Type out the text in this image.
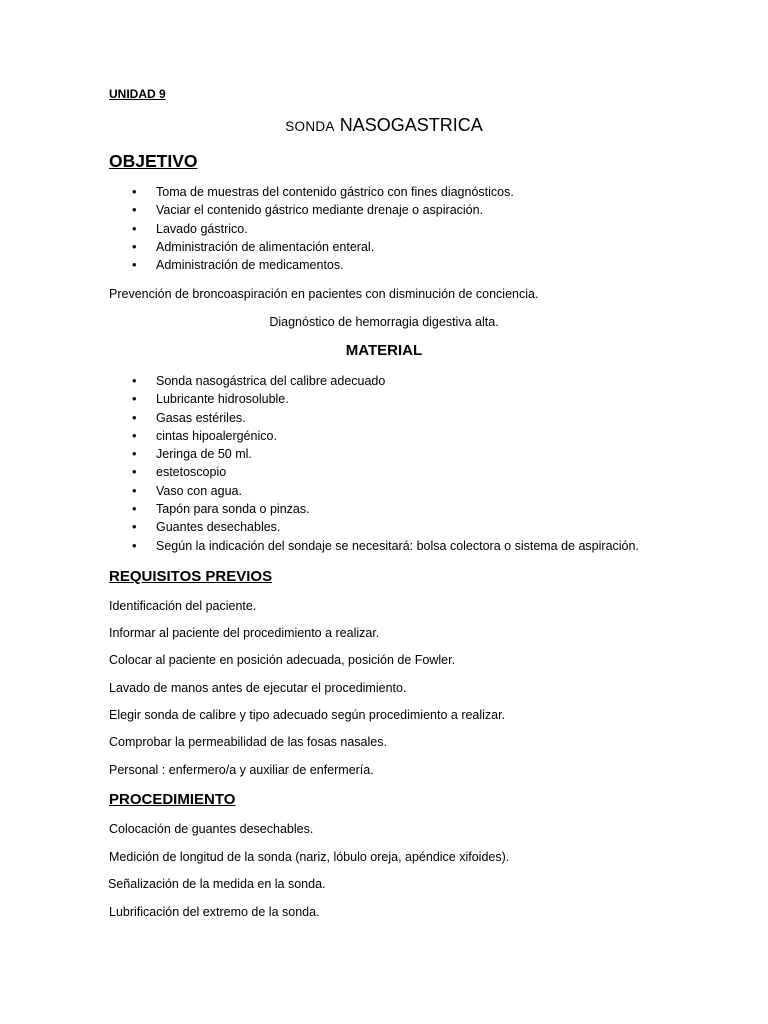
UNIDAD 9
SONDA NASOGASTRICA
OBJETIVO
• Toma de muestras del contenido gástrico con fines diagnósticos.
• Vaciar el contenido gástrico mediante drenaje o aspiración.
• Lavado gástrico.
• Administración de alimentación enteral.
• Administración de medicamentos.
Prevención de broncoaspiración en pacientes con disminución de conciencia.
Diagnóstico de hemorragia digestiva alta.
MATERIAL
• Sonda nasogástrica del calibre adecuado
• Lubricante hidrosoluble.
• Gasas estériles.
• cintas hipoalergénico.
• Jeringa de 50 ml.
• estetoscopio
• Vaso con agua.
• Tapón para sonda o pinzas.
• Guantes desechables.
• Según la indicación del sondaje se necesitará: bolsa colectora o sistema de aspiración.
REQUISITOS PREVIOS
Identificación del paciente.
Informar al paciente del procedimiento a realizar.
Colocar al paciente en posición adecuada, posición de Fowler.
Lavado de manos antes de ejecutar el procedimiento.
Elegir sonda de calibre y tipo adecuado según procedimiento a realizar.
Comprobar la permeabilidad de las fosas nasales.
Personal : enfermero/a y auxiliar de enfermería.
PROCEDIMIENTO
Colocación de guantes desechables.
Medición de longitud de la sonda (nariz, lóbulo oreja, apéndice xifoides).
Señalización de la medida en la sonda.
Lubrificación del extremo de la sonda.
